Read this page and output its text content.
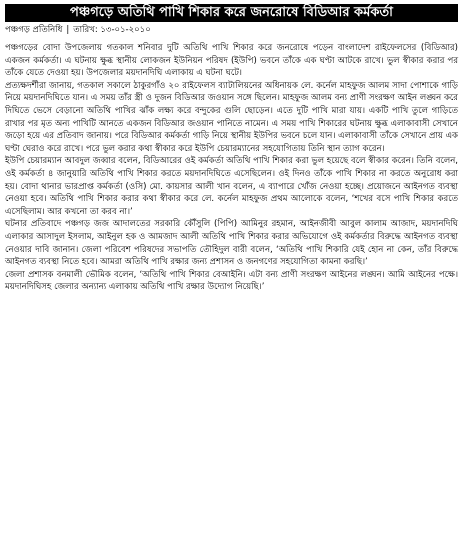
পঞ্চগড়ে অতিথি পাখি শিকার করে জনরোষে বিডিআর কর্মকর্তা
পঞ্চগড় প্রতিনিধি | তারিখ: ১৩-০১-২০১০

পঞ্চগড়ের বোদা উপজেলায় গতকাল শনিবার দুটি অতিথি পাখি শিকার করে জনরোষে পড়েন বাংলাদেশ রাইফেলসের (বিডিআর) একজন কর্মকর্তা। এ ঘটনায় ক্ষুব্ধ স্থানীয় লোকজন ইউনিয়ন পরিষদ (ইউপি) ভবনে তাঁকে এক ঘণ্টা আটকে রাখে। ভুল স্বীকার করার পর তাঁকে যেতে দেওয়া হয়। উপজেলার ময়দানদিঘি এলাকায় এ ঘটনা ঘটে।

প্রত্যক্ষদর্শীরা জানায়, গতকাল সকালে ঠাকুরগাঁও ২০ রাইফেলস ব্যাটালিয়নের অধিনায়ক লে. কর্নেল মাহফুজ আলম সাদা পোশাকে গাড়ি নিয়ে ময়দানদিঘিতে যান। এ সময় তাঁর স্ত্রী ও দুজন বিডিআর জওয়ান সঙ্গে ছিলেন। মাহফুজ আলম বন্য প্রাণী সংরক্ষণ আইন লঙ্ঘন করে দিঘিতে ভেসে বেড়ানো অতিথি পাখির ঝাঁক লক্ষ্য করে বন্দুকের গুলি ছোড়েন। এতে দুটি পাখি মারা যায়। একটি পাখি তুলে গাড়িতে রাখার পর মৃত অন্য পাখিটি আনতে একজন বিডিআর জওয়ান পানিতে নামেন। এ সময় পাখি শিকারের ঘটনায় ক্ষুব্ধ এলাকাবাসী সেখানে জড়ো হয়ে এর প্রতিবাদ জানায়। পরে বিডিআর কর্মকর্তা গাড়ি নিয়ে স্থানীয় ইউপির ভবনে চলে যান। এলাকাবাসী তাঁকে সেখানে প্রায় এক ঘণ্টা ঘেরাও করে রাখে। পরে ভুল করার কথা স্বীকার করে ইউপি চেয়ারম্যানের সহযোগিতায় তিনি স্থান ত্যাগ করেন।

ইউপি চেয়ারম্যান আবদুল জব্বার বলেন, বিডিআরের ওই কর্মকর্তা অতিথি পাখি শিকার করা ভুল হয়েছে বলে স্বীকার করেন। তিনি বলেন, ওই কর্মকর্তা ৪ জানুয়ারি অতিথি পাখি শিকার করতে ময়দানদিঘিতে এসেছিলেন। ওই দিনও তাঁকে পাখি শিকার না করতে অনুরোধ করা হয়। বোদা থানার ভারপ্রাপ্ত কর্মকর্তা (ওসি) মো. কায়সার আলী খান বলেন, এ ব্যাপারে খোঁজ নেওয়া হচ্ছে। প্রয়োজনে আইনগত ব্যবস্থা নেওয়া হবে। অতিথি পাখি শিকার করার কথা স্বীকার করে লে. কর্নেল মাহফুজ প্রথম আলোকে বলেন, ‘শখের বসে পাখি শিকার করতে এসেছিলাম। আর কখনো তা করব না।’

ঘটনার প্রতিবাদে পঞ্চগড় জজ আদালতের সরকারি কৌঁসুলি (পিপি) আমিনুর রহমান, আইনজীবী আবুল কালাম আজাদ, ময়দানদিঘি এলাকার আসাদুল ইসলাম, আইনুল হক ও আমজাদ আলী অতিথি পাখি শিকার করার অভিযোগে ওই কর্মকর্তার বিরুদ্ধে আইনগত ব্যবস্থা নেওয়ার দাবি জানান। জেলা পরিবেশ পরিষদের সভাপতি তৌহিদুল বারী বলেন, ‘অতিথি পাখি শিকারি যেই হোন না কেন, তাঁর বিরুদ্ধে আইনগত ব্যবস্থা নিতে হবে। আমরা অতিথি পাখি রক্ষার জন্য প্রশাসন ও জনগণের সহযোগিতা কামনা করছি।’

জেলা প্রশাসক বনমালী ভৌমিক বলেন, ‘অতিথি পাখি শিকার বেআইনি। এটা বন্য প্রাণী সংরক্ষণ আইনের লঙ্ঘন। আমি আইনের পক্ষে। ময়দানদিঘিসহ জেলার অন্যান্য এলাকায় অতিথি পাখি রক্ষার উদ্যোগ নিয়েছি।’
